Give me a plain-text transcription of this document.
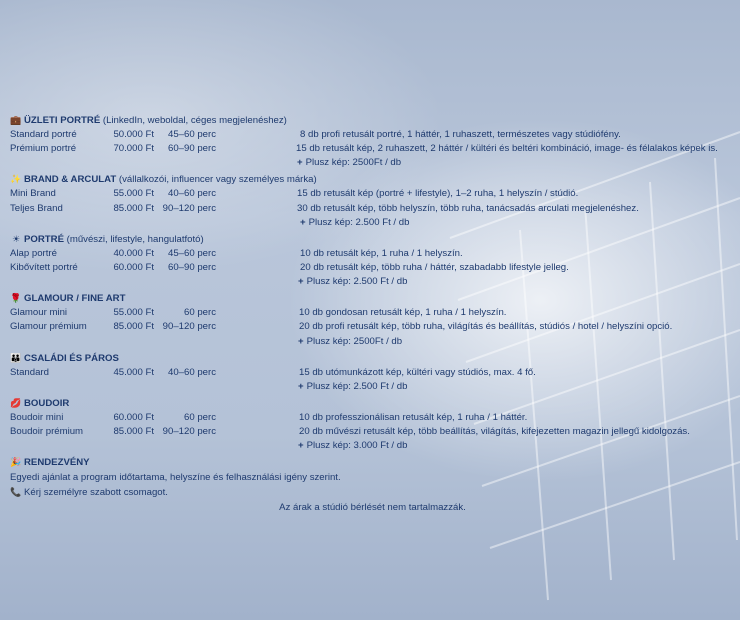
💼 ÜZLETI PORTRÉ (LinkedIn, weboldal, céges megjelenéshez)
Standard portré	50.000 Ft	45–60 perc	8 db profi retusált portré, 1 háttér, 1 ruhaszett, természetes vagy stúdiófény.
Prémium portré	70.000 Ft	60–90 perc	15 db retusált kép, 2 ruhaszett, 2 háttér / kültéri és beltéri kombináció, image- és félalakos képek is.
+ Plusz kép: 2500Ft / db
✨ BRAND & ARCULAT (vállalkozói, influencer vagy személyes márka)
Mini Brand	55.000 Ft	40–60 perc	15 db retusált kép (portré + lifestyle), 1–2 ruha, 1 helyszín / stúdió.
Teljes Brand	85.000 Ft 90–120 perc	30 db retusált kép, több helyszín, több ruha, tanácsadás arculati megjelenéshez.
+ Plusz kép: 2.500 Ft / db
☀ PORTRÉ (művészi, lifestyle, hangulatfotó)
Alap portré	40.000 Ft	45–60 perc	10 db retusált kép, 1 ruha / 1 helyszín.
Kibővített portré	60.000 Ft	60–90 perc	20 db retusált kép, több ruha / háttér, szabadabb lifestyle jelleg.
+ Plusz kép: 2.500 Ft / db
🌹 GLAMOUR / FINE ART
Glamour mini	55.000 Ft	60 perc	10 db gondosan retusált kép, 1 ruha / 1 helyszín.
Glamour prémium	85.000 Ft 90–120 perc	20 db profi retusált kép, több ruha, világítás és beállítás, stúdiós / hotel / helyszíni opció.
+ Plusz kép: 2500Ft / db
👪 CSALÁDI ÉS PÁROS
Standard	45.000 Ft	40–60 perc	15 db utómunkázott kép, kültéri vagy stúdiós, max. 4 fő.
+ Plusz kép: 2.500 Ft / db
💋 BOUDOIR
Boudoir mini	60.000 Ft	60 perc	10 db professzionálisan retusált kép, 1 ruha / 1 háttér.
Boudoir prémium	85.000 Ft 90–120 perc	20 db művészi retusált kép, több beállítás, világítás, kifejezetten magazin jellegű kidolgozás.
+ Plusz kép: 3.000 Ft / db
🎉 RENDEZVÉNY
Egyedi ajánlat a program időtartama, helyszíne és felhasználási igény szerint.
📞 Kérj személyre szabott csomagot.
Az árak a stúdió bérlését nem tartalmazzák.
